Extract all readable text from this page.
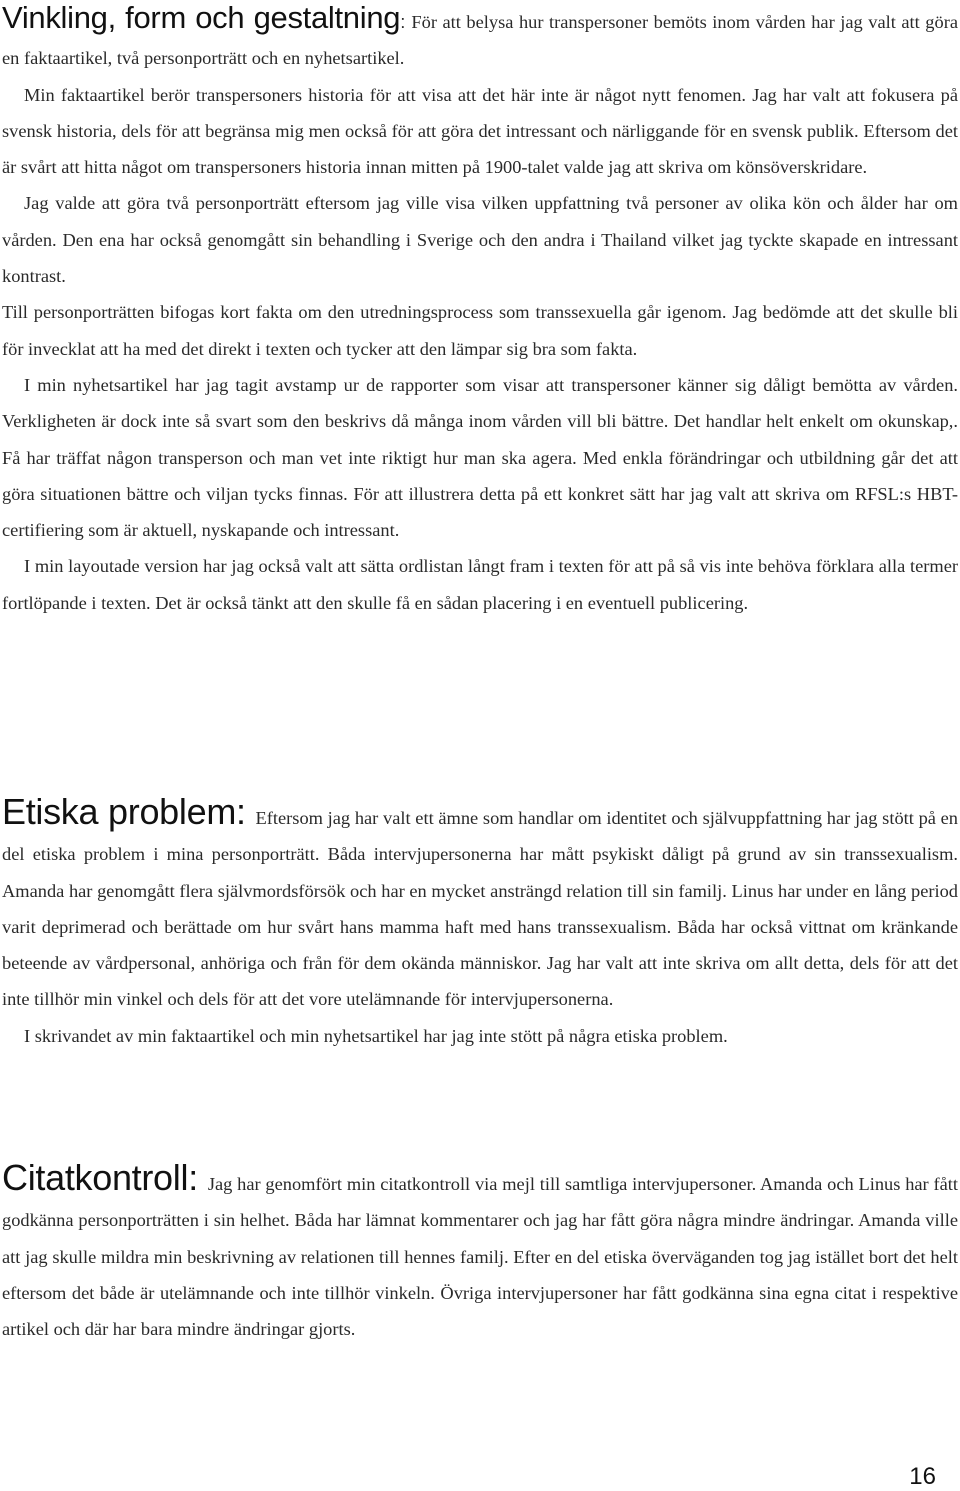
Vinkling, form och gestaltning: För att belysa hur transpersoner bemöts inom vården har jag valt att göra en faktaartikel, två personporträtt och en nyhetsartikel.

Min faktaartikel berör transpersoners historia för att visa att det här inte är något nytt fenomen. Jag har valt att fokusera på svensk historia, dels för att begränsa mig men också för att göra det intressant och närliggande för en svensk publik. Eftersom det är svårt att hitta något om transpersoners historia innan mitten på 1900-talet valde jag att skriva om könsöverskridare.

Jag valde att göra två personporträtt eftersom jag ville visa vilken uppfattning två personer av olika kön och ålder har om vården. Den ena har också genomgått sin behandling i Sverige och den andra i Thailand vilket jag tyckte skapade en intressant kontrast.

Till personporträtten bifogas kort fakta om den utredningsprocess som transsexuella går igenom. Jag bedömde att det skulle bli för invecklat att ha med det direkt i texten och tycker att den lämpar sig bra som fakta.

I min nyhetsartikel har jag tagit avstamp ur de rapporter som visar att transpersoner känner sig dåligt bemötta av vården. Verkligheten är dock inte så svart som den beskrivs då många inom vården vill bli bättre. Det handlar helt enkelt om okunskap,. Få har träffat någon transperson och man vet inte riktigt hur man ska agera. Med enkla förändringar och utbildning går det att göra situationen bättre och viljan tycks finnas. För att illustrera detta på ett konkret sätt har jag valt att skriva om RFSL:s HBT-certifiering som är aktuell, nyskapande och intressant.

I min layoutade version har jag också valt att sätta ordlistan långt fram i texten för att på så vis inte behöva förklara alla termer fortlöpande i texten. Det är också tänkt att den skulle få en sådan placering i en eventuell publicering.

Etiska problem: Eftersom jag har valt ett ämne som handlar om identitet och självuppfattning har jag stött på en del etiska problem i mina personporträtt. Båda intervjupersonerna har mått psykiskt dåligt på grund av sin transsexualism. Amanda har genomgått flera självmordsförsök och har en mycket ansträngd relation till sin familj. Linus har under en lång period varit deprimerad och berättade om hur svårt hans mamma haft med hans transsexualism. Båda har också vittnat om kränkande beteende av vårdpersonal, anhöriga och från för dem okända människor. Jag har valt att inte skriva om allt detta, dels för att det inte tillhör min vinkel och dels för att det vore utelämnande för intervjupersonerna.

I skrivandet av min faktaartikel och min nyhetsartikel har jag inte stött på några etiska problem.

Citatkontroll: Jag har genomfört min citatkontroll via mejl till samtliga intervjupersoner. Amanda och Linus har fått godkänna personporträtten i sin helhet. Båda har lämnat kommentarer och jag har fått göra några mindre ändringar. Amanda ville att jag skulle mildra min beskrivning av relationen till hennes familj. Efter en del etiska överväganden tog jag istället bort det helt eftersom det både är utelämnande och inte tillhör vinkeln. Övriga intervjupersoner har fått godkänna sina egna citat i respektive artikel och där har bara mindre ändringar gjorts.

16
